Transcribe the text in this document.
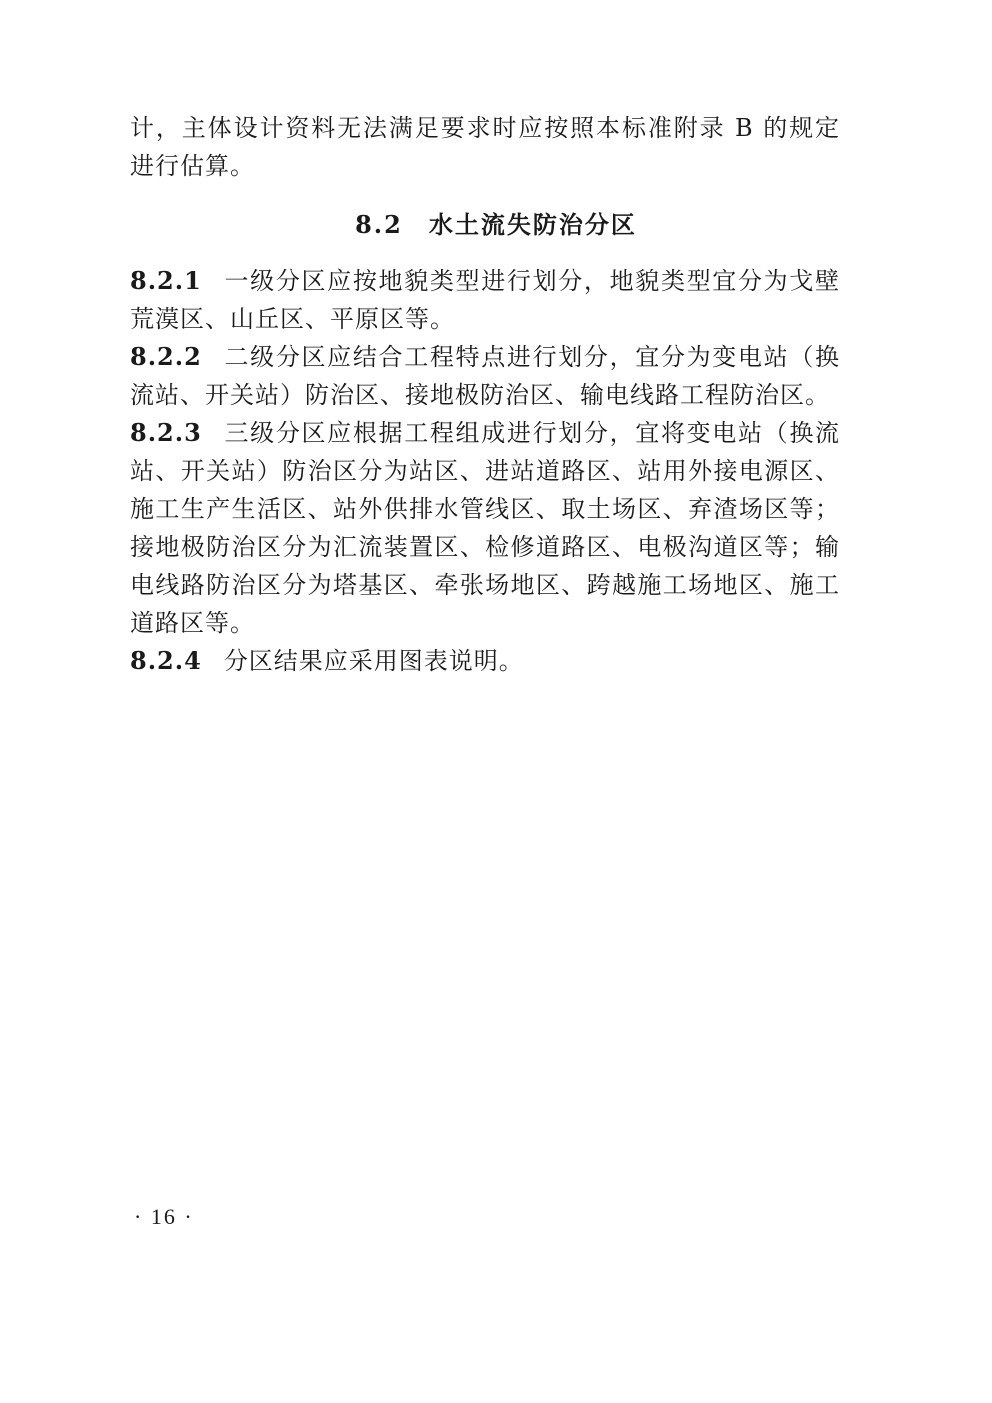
计，主体设计资料无法满足要求时应按照本标准附录 B 的规定进行估算。

8.2 水土流失防治分区

8.2.1 一级分区应按地貌类型进行划分，地貌类型宜分为戈壁荒漠区、山丘区、平原区等。

8.2.2 二级分区应结合工程特点进行划分，宜分为变电站（换流站、开关站）防治区、接地极防治区、输电线路工程防治区。

8.2.3 三级分区应根据工程组成进行划分，宜将变电站（换流站、开关站）防治区分为站区、进站道路区、站用外接电源区、施工生产生活区、站外供排水管线区、取土场区、弃渣场区等；接地极防治区分为汇流装置区、检修道路区、电极沟道区等；输电线路防治区分为塔基区、牵张场地区、跨越施工场地区、施工道路区等。

8.2.4 分区结果应采用图表说明。

· 16 ·
